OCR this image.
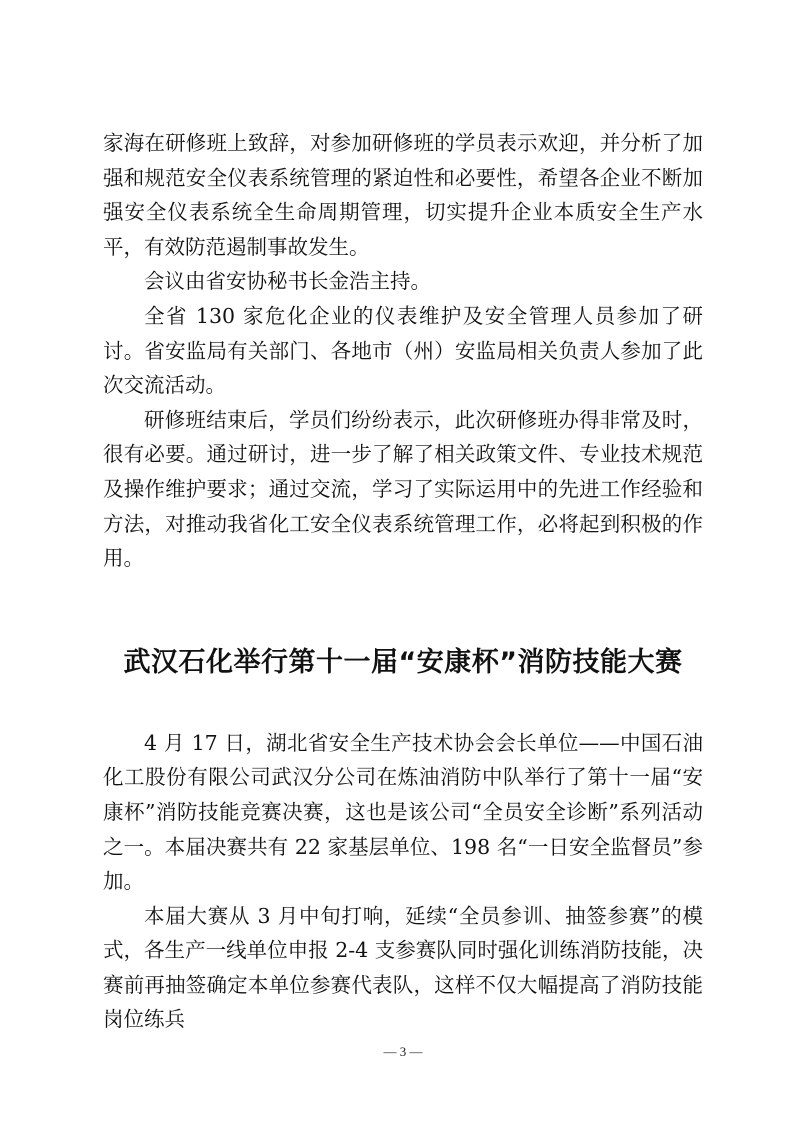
家海在研修班上致辞，对参加研修班的学员表示欢迎，并分析了加强和规范安全仪表系统管理的紧迫性和必要性，希望各企业不断加强安全仪表系统全生命周期管理，切实提升企业本质安全生产水平，有效防范遏制事故发生。

会议由省安协秘书长金浩主持。

全省 130 家危化企业的仪表维护及安全管理人员参加了研讨。省安监局有关部门、各地市（州）安监局相关负责人参加了此次交流活动。

研修班结束后，学员们纷纷表示，此次研修班办得非常及时，很有必要。通过研讨，进一步了解了相关政策文件、专业技术规范及操作维护要求；通过交流，学习了实际运用中的先进工作经验和方法，对推动我省化工安全仪表系统管理工作，必将起到积极的作用。

武汉石化举行第十一届“安康杯”消防技能大赛

4 月 17 日，湖北省安全生产技术协会会长单位——中国石油化工股份有限公司武汉分公司在炼油消防中队举行了第十一届“安康杯”消防技能竞赛决赛，这也是该公司“全员安全诊断”系列活动之一。本届决赛共有 22 家基层单位、198 名“一日安全监督员”参加。

本届大赛从 3 月中旬打响，延续“全员参训、抽签参赛”的模式，各生产一线单位申报 2-4 支参赛队同时强化训练消防技能，决赛前再抽签确定本单位参赛代表队，这样不仅大幅提高了消防技能岗位练兵

— 3 —
